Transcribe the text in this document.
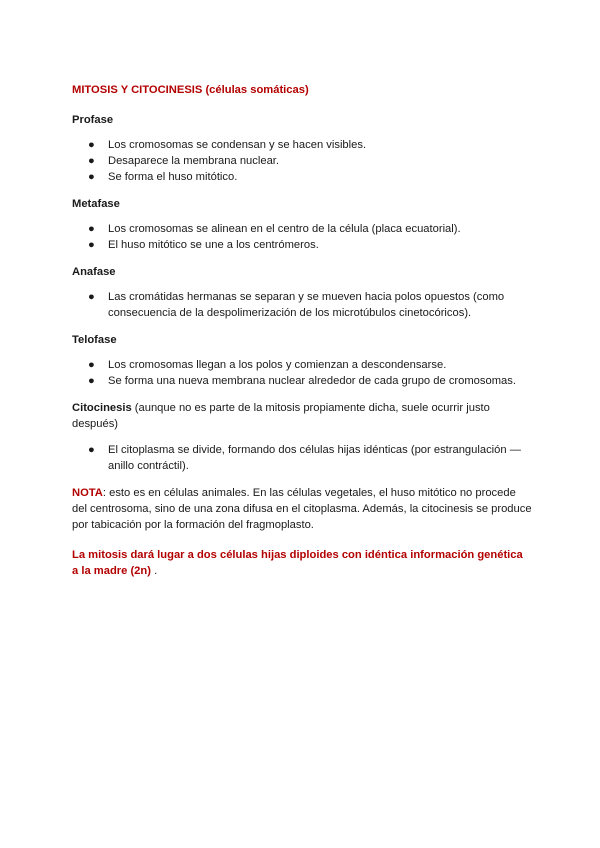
MITOSIS Y CITOCINESIS (células somáticas)

Profase

● Los cromosomas se condensan y se hacen visibles.
● Desaparece la membrana nuclear.
● Se forma el huso mitótico.

Metafase

● Los cromosomas se alinean en el centro de la célula (placa ecuatorial).
● El huso mitótico se une a los centrómeros.

Anafase

● Las cromátidas hermanas se separan y se mueven hacia polos opuestos (como consecuencia de la despolimerización de los microtúbulos cinetocóricos).

Telofase

● Los cromosomas llegan a los polos y comienzan a descondensarse.
● Se forma una nueva membrana nuclear alrededor de cada grupo de cromosomas.

Citocinesis (aunque no es parte de la mitosis propiamente dicha, suele ocurrir justo después)

● El citoplasma se divide, formando dos células hijas idénticas (por estrangulación — anillo contráctil).

NOTA: esto es en células animales. En las células vegetales, el huso mitótico no procede del centrosoma, sino de una zona difusa en el citoplasma. Además, la citocinesis se produce por tabicación por la formación del fragmoplasto.

La mitosis dará lugar a dos células hijas diploides con idéntica información genética a la madre (2n) .
